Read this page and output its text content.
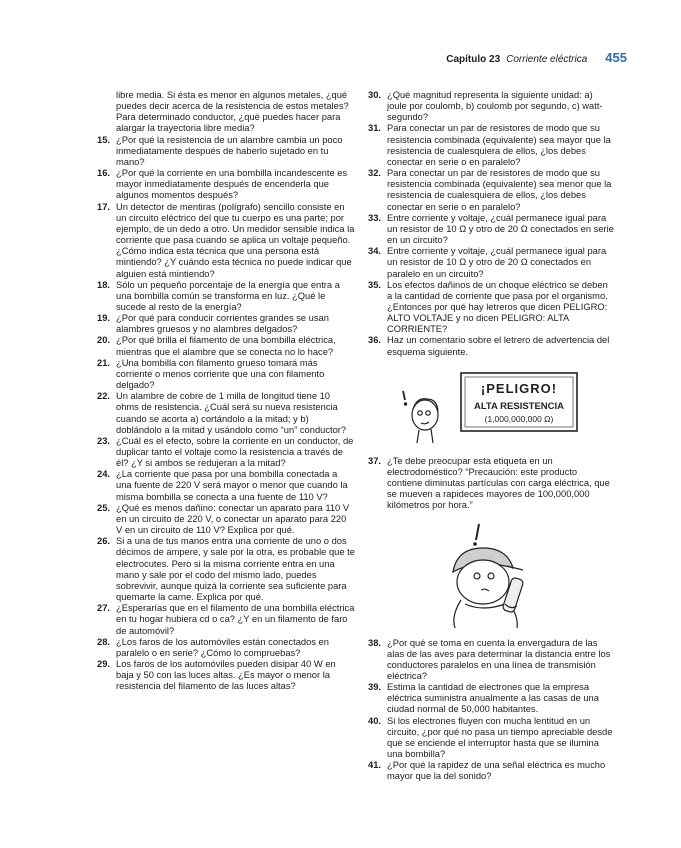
Capítulo 23 Corriente eléctrica 455
libre media. Si ésta es menor en algunos metales, ¿qué puedes decir acerca de la resistencia de estos metales? Para determinado conductor, ¿qué puedes hacer para alargar la trayectoria libre media?
15. ¿Por qué la resistencia de un alambre cambia un poco inmediatamente después de haberlo sujetado en tu mano?
16. ¿Por qué la corriente en una bombilla incandescente es mayor inmediatamente después de encenderla que algunos momentos después?
17. Un detector de mentiras (polígrafo) sencillo consiste en un circuito eléctrico del que tu cuerpo es una parte; por ejemplo, de un dedo a otro. Un medidor sensible indica la corriente que pasa cuando se aplica un voltaje pequeño. ¿Cómo indica esta técnica que una persona está mintiendo? ¿Y cuándo esta técnica no puede indicar que alguien está mintiendo?
18. Sólo un pequeño porcentaje de la energía que entra a una bombilla común se transforma en luz. ¿Qué le sucede al resto de la energía?
19. ¿Por qué para conducir corrientes grandes se usan alambres gruesos y no alambres delgados?
20. ¿Por qué brilla el filamento de una bombilla eléctrica, mientras que el alambre que se conecta no lo hace?
21. ¿Una bombilla con filamento grueso tomará más corriente o menos corriente que una con filamento delgado?
22. Un alambre de cobre de 1 milla de longitud tiene 10 ohms de resistencia. ¿Cuál será su nueva resistencia cuando se acorta a) cortándolo a la mitad; y b) doblándolo a la mitad y usándolo como “un” conductor?
23. ¿Cuál es el efecto, sobre la corriente en un conductor, de duplicar tanto el voltaje como la resistencia a través de él? ¿Y si ambos se redujeran a la mitad?
24. ¿La corriente que pasa por una bombilla conectada a una fuente de 220 V será mayor o menor que cuando la misma bombilla se conecta a una fuente de 110 V?
25. ¿Qué es menos dañino: conectar un aparato para 110 V en un circuito de 220 V, o conectar un aparato para 220 V en un circuito de 110 V? Explica por qué.
26. Si a una de tus manos entra una corriente de uno o dos décimos de ampere, y sale por la otra, es probable que te electrocutes. Pero si la misma corriente entra en una mano y sale por el codo del mismo lado, puedes sobrevivir, aunque quizá la corriente sea suficiente para quemarte la carne. Explica por qué.
27. ¿Esperarías que en el filamento de una bombilla eléctrica en tu hogar hubiera cd o ca? ¿Y en un filamento de faro de automóvil?
28. ¿Los faros de los automóviles están conectados en paralelo o en serie? ¿Cómo lo compruebas?
29. Los faros de los automóviles pueden disipar 40 W en baja y 50 con las luces altas. ¿Es mayor o menor la resistencia del filamento de las luces altas?
30. ¿Qué magnitud representa la siguiente unidad: a) joule por coulomb, b) coulomb por segundo, c) watt-segundo?
31. Para conectar un par de resistores de modo que su resistencia combinada (equivalente) sea mayor que la resistencia de cualesquiera de ellos, ¿los debes conectar en serie o en paralelo?
32. Para conectar un par de resistores de modo que su resistencia combinada (equivalente) sea menor que la resistencia de cualesquiera de ellos, ¿los debes conectar en serie o en paralelo?
33. Entre corriente y voltaje, ¿cuál permanece igual para un resistor de 10 Ω y otro de 20 Ω conectados en serie en un circuito?
34. Entre corriente y voltaje, ¿cuál permanece igual para un resistor de 10 Ω y otro de 20 Ω conectados en paralelo en un circuito?
35. Los efectos dañinos de un choque eléctrico se deben a la cantidad de corriente que pasa por el organismo. ¿Entonces por qué hay letreros que dicen PELIGRO: ALTO VOLTAJE y no dicen PELIGRO: ALTA CORRIENTE?
36. Haz un comentario sobre el letrero de advertencia del esquema siguiente.
¡PELIGRO!
ALTA RESISTENCIA
(1,000,000,000 Ω)
37. ¿Te debe preocupar esta etiqueta en un electrodoméstico? “Precaución: este producto contiene diminutas partículas con carga eléctrica, que se mueven a rapideces mayores de 100,000,000 kilómetros por hora.”
38. ¿Por qué se toma en cuenta la envergadura de las alas de las aves para determinar la distancia entre los conductores paralelos en una línea de transmisión eléctrica?
39. Estima la cantidad de electrones que la empresa eléctrica suministra anualmente a las casas de una ciudad normal de 50,000 habitantes.
40. Si los electrones fluyen con mucha lentitud en un circuito, ¿por qué no pasa un tiempo apreciable desde que se enciende el interruptor hasta que se ilumina una bombilla?
41. ¿Por qué la rapidez de una señal eléctrica es mucho mayor que la del sonido?
